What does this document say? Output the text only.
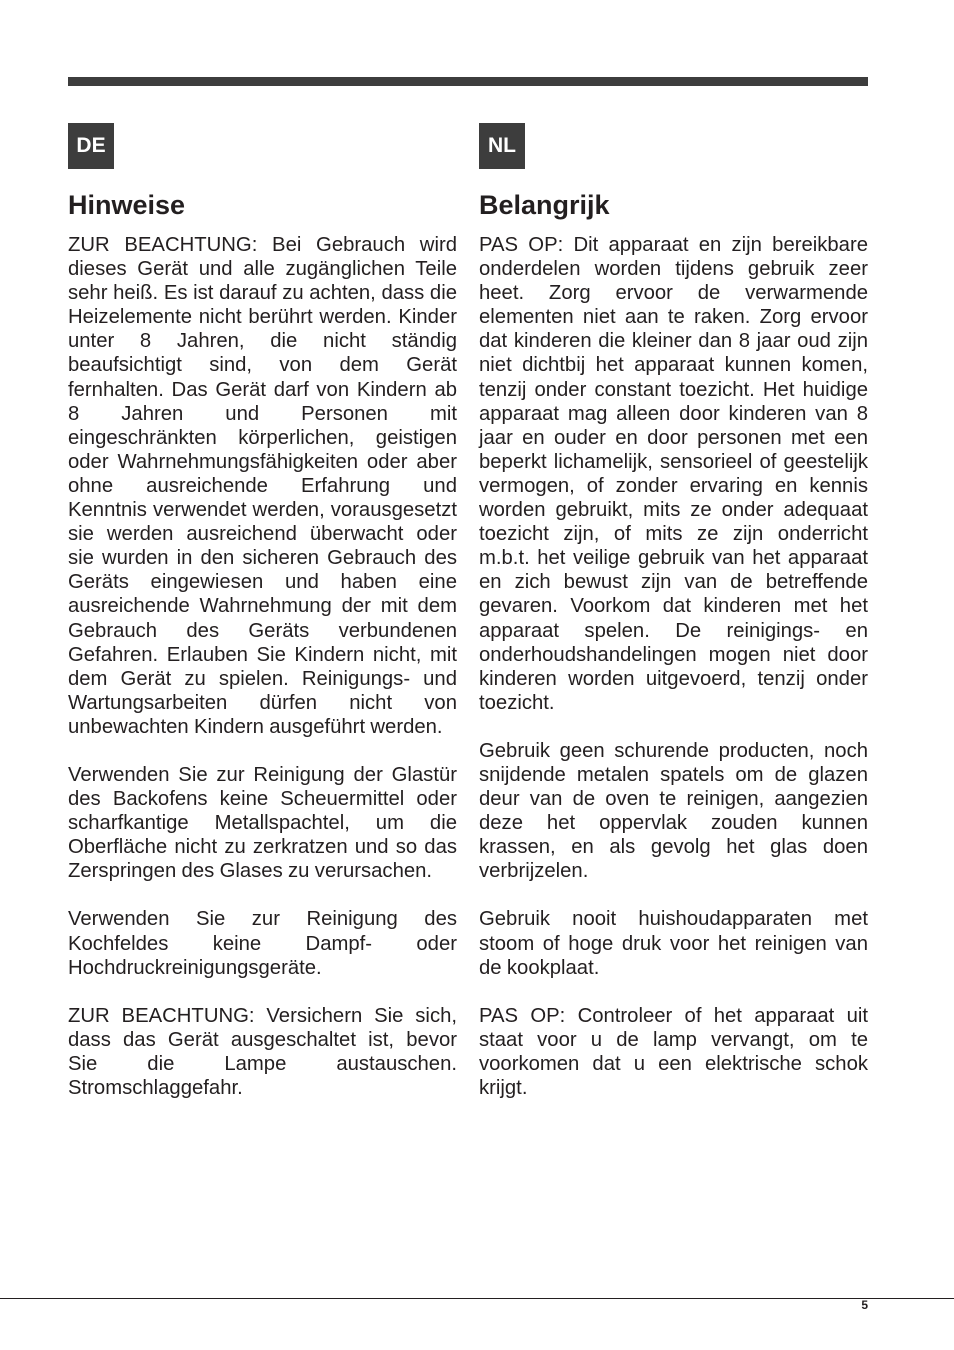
DE
Hinweise

ZUR BEACHTUNG: Bei Gebrauch wird dieses Gerät und alle zugänglichen Teile sehr heiß. Es ist darauf zu achten, dass die Heizelemente nicht berührt werden. Kinder unter 8 Jahren, die nicht ständig beaufsichtigt sind, von dem Gerät fernhalten. Das Gerät darf von Kindern ab 8 Jahren und Personen mit eingeschränkten körperlichen, geistigen oder Wahrnehmungsfähigkeiten oder aber ohne ausreichende Erfahrung und Kenntnis verwendet werden, vorausgesetzt sie werden ausreichend überwacht oder sie wurden in den sicheren Gebrauch des Geräts eingewiesen und haben eine ausreichende Wahrnehmung der mit dem Gebrauch des Geräts verbundenen Gefahren. Erlauben Sie Kindern nicht, mit dem Gerät zu spielen. Reinigungs- und Wartungsarbeiten dürfen nicht von unbewachten Kindern ausgeführt werden.

Verwenden Sie zur Reinigung der Glastür des Backofens keine Scheuermittel oder scharfkantige Metallspachtel, um die Oberfläche nicht zu zerkratzen und so das Zerspringen des Glases zu verursachen.

Verwenden Sie zur Reinigung des Kochfeldes keine Dampf- oder Hochdruckreinigungsgeräte.

ZUR BEACHTUNG: Versichern Sie sich, dass das Gerät ausgeschaltet ist, bevor Sie die Lampe austauschen. Stromschlaggefahr.

NL
Belangrijk

PAS OP: Dit apparaat en zijn bereikbare onderdelen worden tijdens gebruik zeer heet. Zorg ervoor de verwarmende elementen niet aan te raken. Zorg ervoor dat kinderen die kleiner dan 8 jaar oud zijn niet dichtbij het apparaat kunnen komen, tenzij onder constant toezicht. Het huidige apparaat mag alleen door kinderen van 8 jaar en ouder en door personen met een beperkt lichamelijk, sensorieel of geestelijk vermogen, of zonder ervaring en kennis worden gebruikt, mits ze onder adequaat toezicht zijn, of mits ze zijn onderricht m.b.t. het veilige gebruik van het apparaat en zich bewust zijn van de betreffende gevaren. Voorkom dat kinderen met het apparaat spelen. De reinigings- en onderhoudshandelingen mogen niet door kinderen worden uitgevoerd, tenzij onder toezicht.

Gebruik geen schurende producten, noch snijdende metalen spatels om de glazen deur van de oven te reinigen, aangezien deze het oppervlak zouden kunnen krassen, en als gevolg het glas doen verbrijzelen.

Gebruik nooit huishoudapparaten met stoom of hoge druk voor het reinigen van de kookplaat.

PAS OP: Controleer of het apparaat uit staat voor u de lamp vervangt, om te voorkomen dat u een elektrische schok krijgt.

5
